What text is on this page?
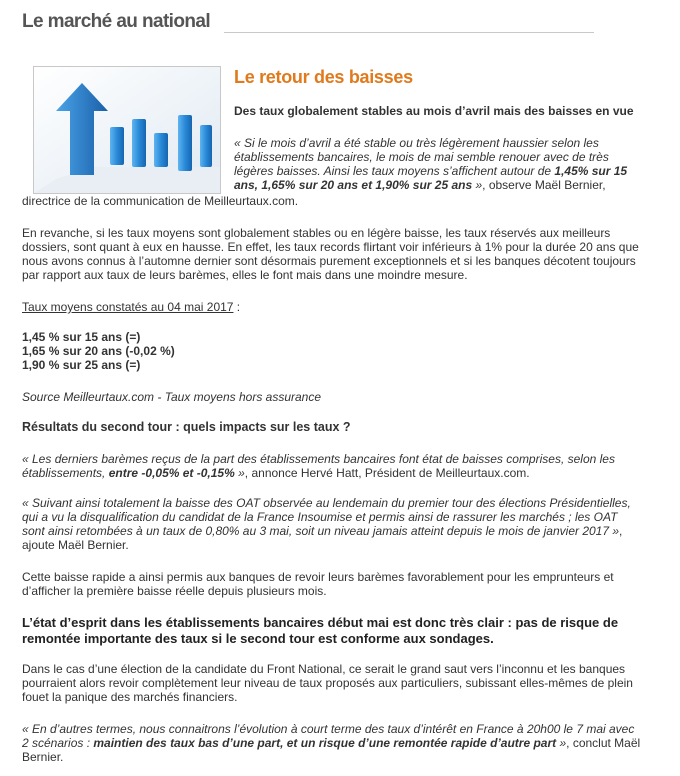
Le marché au national
Le retour des baisses
Des taux globalement stables au mois d’avril mais des baisses en vue
« Si le mois d’avril a été stable ou très légèrement haussier selon les établissements bancaires, le mois de mai semble renouer avec de très légères baisses. Ainsi les taux moyens s’affichent autour de 1,45% sur 15 ans, 1,65% sur 20 ans et 1,90% sur 25 ans », observe Maël Bernier,

directrice de la communication de Meilleurtaux.com.

En revanche, si les taux moyens sont globalement stables ou en légère baisse, les taux réservés aux meilleurs dossiers, sont quant à eux en hausse. En effet, les taux records flirtant voir inférieurs à 1% pour la durée 20 ans que nous avons connus à l’automne dernier sont désormais purement exceptionnels et si les banques décotent toujours par rapport aux taux de leurs barèmes, elles le font mais dans une moindre mesure.

Taux moyens constatés au 04 mai 2017 :

1,45 % sur 15 ans (=)
1,65 % sur 20 ans (-0,02 %)
1,90 % sur 25 ans (=)

Source Meilleurtaux.com - Taux moyens hors assurance

Résultats du second tour : quels impacts sur les taux ?

« Les derniers barèmes reçus de la part des établissements bancaires font état de baisses comprises, selon les établissements, entre -0,05% et -0,15% », annonce Hervé Hatt, Président de Meilleurtaux.com.

« Suivant ainsi totalement la baisse des OAT observée au lendemain du premier tour des élections Présidentielles, qui a vu la disqualification du candidat de la France Insoumise et permis ainsi de rassurer les marchés ; les OAT sont ainsi retombées à un taux de 0,80% au 3 mai, soit un niveau jamais atteint depuis le mois de janvier 2017 », ajoute Maël Bernier.

Cette baisse rapide a ainsi permis aux banques de revoir leurs barèmes favorablement pour les emprunteurs et d’afficher la première baisse réelle depuis plusieurs mois.

L’état d’esprit dans les établissements bancaires début mai est donc très clair : pas de risque de remontée importante des taux si le second tour est conforme aux sondages.

Dans le cas d’une élection de la candidate du Front National, ce serait le grand saut vers l’inconnu et les banques pourraient alors revoir complètement leur niveau de taux proposés aux particuliers, subissant elles-mêmes de plein fouet la panique des marchés financiers.

« En d’autres termes, nous connaitrons l’évolution à court terme des taux d’intérêt en France à 20h00 le 7 mai avec 2 scénarios : maintien des taux bas d’une part, et un risque d’une remontée rapide d’autre part », conclut Maël Bernier.
